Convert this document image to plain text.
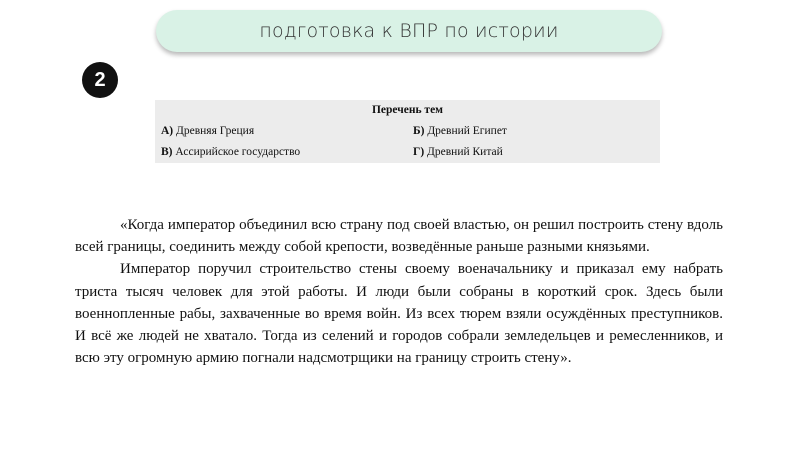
подготовка к ВПР по истории
2
Перечень тем
А) Древняя Греция	Б) Древний Египет
В) Ассирийское государство	Г) Древний Китай

«Когда император объединил всю страну под своей властью, он решил построить стену вдоль всей границы, соединить между собой крепости, возведённые раньше разными князьями.

Император поручил строительство стены своему военачальнику и приказал ему набрать триста тысяч человек для этой работы. И люди были собраны в короткий срок. Здесь были военнопленные рабы, захваченные во время войн. Из всех тюрем взяли осуждённых преступников. И всё же людей не хватало. Тогда из селений и городов собрали земледельцев и ремесленников, и всю эту огромную армию погнали надсмотрщики на границу строить стену».
